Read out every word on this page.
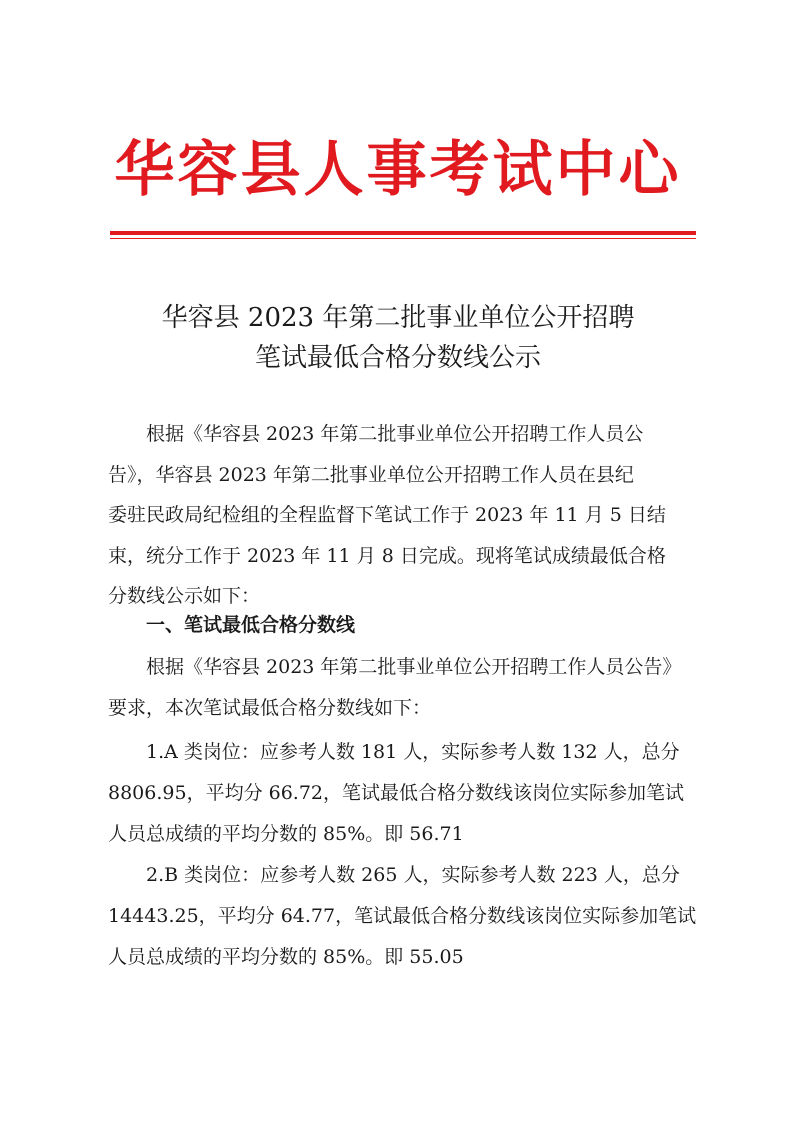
华容县人事考试中心
华容县 2023 年第二批事业单位公开招聘
笔试最低合格分数线公示
根据《华容县 2023 年第二批事业单位公开招聘工作人员公
告》，华容县 2023 年第二批事业单位公开招聘工作人员在县纪
委驻民政局纪检组的全程监督下笔试工作于 2023 年 11 月 5 日结
束，统分工作于 2023 年 11 月 8 日完成。现将笔试成绩最低合格
分数线公示如下：
一、笔试最低合格分数线
根据《华容县 2023 年第二批事业单位公开招聘工作人员公告》
要求，本次笔试最低合格分数线如下：
1.A 类岗位：应参考人数 181 人，实际参考人数 132 人，总分
8806.95，平均分 66.72，笔试最低合格分数线该岗位实际参加笔试
人员总成绩的平均分数的 85%。即 56.71
2.B 类岗位：应参考人数 265 人，实际参考人数 223 人，总分
14443.25，平均分 64.77，笔试最低合格分数线该岗位实际参加笔试
人员总成绩的平均分数的 85%。即 55.05
